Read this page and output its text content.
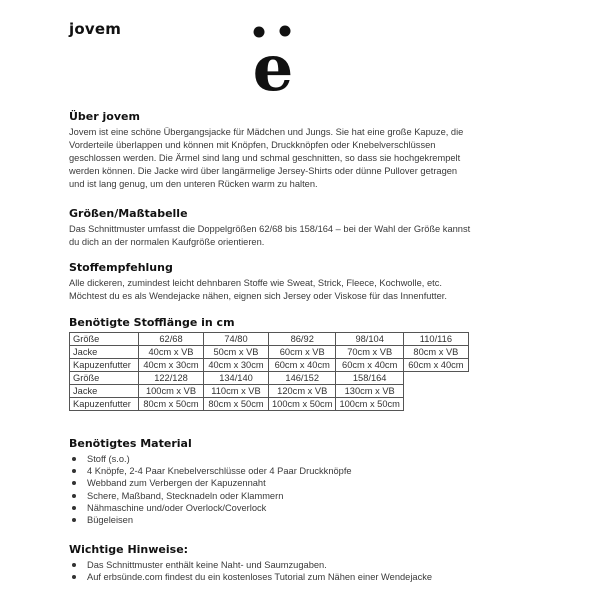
jovem
e
Über jovem

Jovem ist eine schöne Übergangsjacke für Mädchen und Jungs. Sie hat eine große Kapuze, die

Vorderteile überlappen und können mit Knöpfen, Druckknöpfen oder Knebelverschlüssen

geschlossen werden. Die Ärmel sind lang und schmal geschnitten, so dass sie hochgekrempelt

werden können. Die Jacke wird über langärmelige Jersey-Shirts oder dünne Pullover getragen

und ist lang genug, um den unteren Rücken warm zu halten.

Größen/Maßtabelle

Das Schnittmuster umfasst die Doppelgrößen 62/68 bis 158/164 – bei der Wahl der Größe kannst

du dich an der normalen Kaufgröße orientieren.

Stoffempfehlung

Alle dickeren, zumindest leicht dehnbaren Stoffe wie Sweat, Strick, Fleece, Kochwolle, etc.

Möchtest du es als Wendejacke nähen, eignen sich Jersey oder Viskose für das Innenfutter.

Benötigte Stofflänge in cm
Größe	62/68	74/80	86/92	98/104	110/116
Jacke	40cm x VB	50cm x VB	60cm x VB	70cm x VB	80cm x VB
Kapuzenfutter	40cm x 30cm	40cm x 30cm	60cm x 40cm	60cm x 40cm	60cm x 40cm
Größe	122/128	134/140	146/152	158/164	
Jacke	100cm x VB	110cm x VB	120cm x VB	130cm x VB	
Kapuzenfutter	80cm x 50cm	80cm x 50cm	100cm x 50cm	100cm x 50cm	
Benötigtes Material
Stoff (s.o.)
4 Knöpfe, 2-4 Paar Knebelverschlüsse oder 4 Paar Druckknöpfe
Webband zum Verbergen der Kapuzennaht
Schere, Maßband, Stecknadeln oder Klammern
Nähmaschine und/oder Overlock/Coverlock
Bügeleisen
Wichtige Hinweise:
Das Schnittmuster enthält keine Naht- und Saumzugaben.
Auf erbsünde.com findest du ein kostenloses Tutorial zum Nähen einer Wendejacke
